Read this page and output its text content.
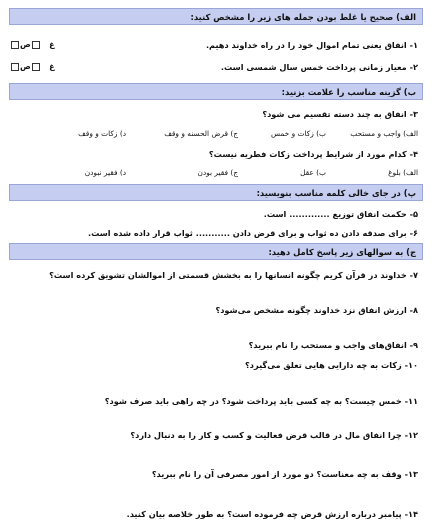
الف) صحیح یا غلط بودن جمله های زیر را مشخص کنید:
۱- انفاق یعنی تمام اموال خود را در راه خداوند دهیم.
غ   ص
۲- معیار زمانی پرداخت خمس سال شمسی است.
غ   ص
ب) گزینه مناسب را علامت بزنید:
۳- انفاق به چند دسته تقسیم می شود؟
الف) واجب و مستحب
ب) زکات و خمس
ج) قرض الحسنه و وقف
د) زکات و وقف
۴- کدام مورد از شرایط پرداخت زکات فطریه نیست؟
الف) بلوغ
ب) عقل
ج) فقیر بودن
د) فقیر نبودن
پ) در جای خالی کلمه مناسب بنویسید:
۵- حکمت انفاق توزیع ............. است.
۶- برای صدقه دادن ده ثواب و برای قرض دادن ........... ثواب قرار داده شده است.
ج) به سوالهای زیر پاسخ کامل دهید:
۷- خداوند در قرآن کریم چگونه انسانها را به بخشش قسمتی از اموالشان تشویق کرده است؟
۸- ارزش انفاق نزد خداوند چگونه مشخص می‌شود؟
۹- انفاق‌های واجب و مستحب را نام ببرید؟
۱۰- زکات به چه دارایی هایی تعلق می‌گیرد؟
۱۱- خمس چیست؟ به چه کسی باید پرداخت شود؟ در چه راهی باید صرف شود؟
۱۲- چرا انفاق مال در قالب قرض فعالیت و کسب و کار را به دنبال دارد؟
۱۳- وقف به چه معناست؟ دو مورد از امور مصرفی آن را نام ببرید؟
۱۴- پیامبر درباره ارزش قرض چه فرموده است؟ به طور خلاصه بیان کنید.
